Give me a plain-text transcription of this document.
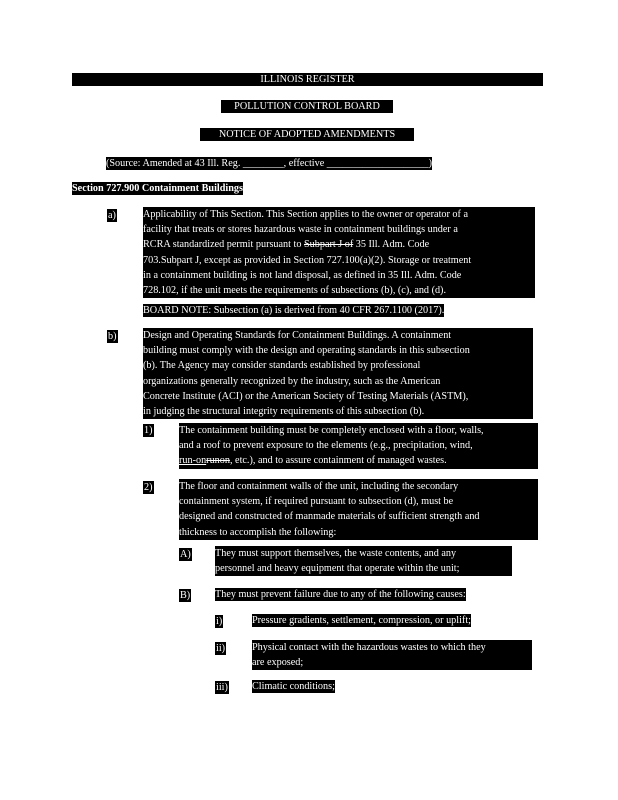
ILLINOIS REGISTER
POLLUTION CONTROL BOARD
NOTICE OF ADOPTED AMENDMENTS
(Source: Amended at 43 Ill. Reg. ________, effective ____________________)
Section 727.900 Containment Buildings
a)	Applicability of This Section. This Section applies to the owner or operator of a
facility that treats or stores hazardous waste in containment buildings under a
RCRA standardized permit pursuant to Subpart J of 35 Ill. Adm. Code
703.Subpart J, except as provided in Section 727.100(a)(2). Storage or treatment
in a containment building is not land disposal, as defined in 35 Ill. Adm. Code
728.102, if the unit meets the requirements of subsections (b), (c), and (d).
BOARD NOTE: Subsection (a) is derived from 40 CFR 267.1100 (2017).
b)	Design and Operating Standards for Containment Buildings. A containment
building must comply with the design and operating standards in this subsection
(b). The Agency may consider standards established by professional
organizations generally recognized by the industry, such as the American
Concrete Institute (ACI) or the American Society of Testing Materials (ASTM),
in judging the structural integrity requirements of this subsection (b).
1)	The containment building must be completely enclosed with a floor, walls,
and a roof to prevent exposure to the elements (e.g., precipitation, wind,
run-onrunon, etc.), and to assure containment of managed wastes.
2)	The floor and containment walls of the unit, including the secondary
containment system, if required pursuant to subsection (d), must be
designed and constructed of manmade materials of sufficient strength and
thickness to accomplish the following:
A) They must support themselves, the waste contents, and any
personnel and heavy equipment that operate within the unit;
B) They must prevent failure due to any of the following causes:
i)	Pressure gradients, settlement, compression, or uplift;
ii)	Physical contact with the hazardous wastes to which they
are exposed;
iii) Climatic conditions;
